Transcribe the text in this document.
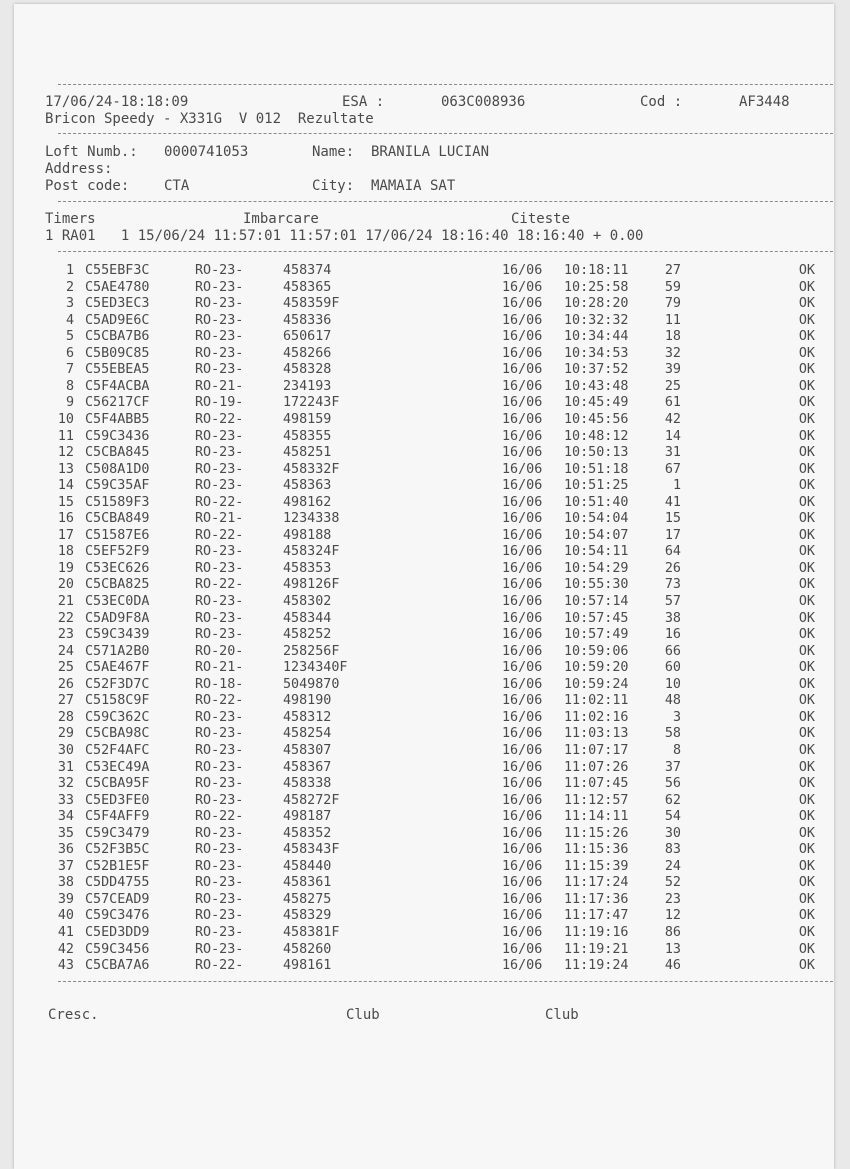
17/06/24-18:18:09	ESA :	063C008936	Cod :	AF3448
Bricon Speedy - X331G  V 012  Rezultate
Loft Numb.: 0000741053	Name: BRANILA LUCIAN
Address:
Post code: CTA	City: MAMAIA SAT
Timers	Imbarcare	Citeste
1 RA01   1 15/06/24 11:57:01 11:57:01 17/06/24 18:16:40 18:16:40 + 0.00
1 C55EBF3C	RO-23-	458374	16/06 10:18:11	27	OK
2 C5AE4780	RO-23-	458365	16/06 10:25:58	59	OK
3 C5ED3EC3	RO-23-	458359F	16/06 10:28:20	79	OK
4 C5AD9E6C	RO-23-	458336	16/06 10:32:32	11	OK
5 C5CBA7B6	RO-23-	650617	16/06 10:34:44	18	OK
6 C5B09C85	RO-23-	458266	16/06 10:34:53	32	OK
7 C55EBEA5	RO-23-	458328	16/06 10:37:52	39	OK
8 C5F4ACBA	RO-21-	234193	16/06 10:43:48	25	OK
9 C56217CF	RO-19-	172243F	16/06 10:45:49	61	OK
10 C5F4ABB5	RO-22-	498159	16/06 10:45:56	42	OK
11 C59C3436	RO-23-	458355	16/06 10:48:12	14	OK
12 C5CBA845	RO-23-	458251	16/06 10:50:13	31	OK
13 C508A1D0	RO-23-	458332F	16/06 10:51:18	67	OK
14 C59C35AF	RO-23-	458363	16/06 10:51:25	1	OK
15 C51589F3	RO-22-	498162	16/06 10:51:40	41	OK
16 C5CBA849	RO-21-	1234338	16/06 10:54:04	15	OK
17 C51587E6	RO-22-	498188	16/06 10:54:07	17	OK
18 C5EF52F9	RO-23-	458324F	16/06 10:54:11	64	OK
19 C53EC626	RO-23-	458353	16/06 10:54:29	26	OK
20 C5CBA825	RO-22-	498126F	16/06 10:55:30	73	OK
21 C53EC0DA	RO-23-	458302	16/06 10:57:14	57	OK
22 C5AD9F8A	RO-23-	458344	16/06 10:57:45	38	OK
23 C59C3439	RO-23-	458252	16/06 10:57:49	16	OK
24 C571A2B0	RO-20-	258256F	16/06 10:59:06	66	OK
25 C5AE467F	RO-21-	1234340F	16/06 10:59:20	60	OK
26 C52F3D7C	RO-18-	5049870	16/06 10:59:24	10	OK
27 C5158C9F	RO-22-	498190	16/06 11:02:11	48	OK
28 C59C362C	RO-23-	458312	16/06 11:02:16	3	OK
29 C5CBA98C	RO-23-	458254	16/06 11:03:13	58	OK
30 C52F4AFC	RO-23-	458307	16/06 11:07:17	8	OK
31 C53EC49A	RO-23-	458367	16/06 11:07:26	37	OK
32 C5CBA95F	RO-23-	458338	16/06 11:07:45	56	OK
33 C5ED3FE0	RO-23-	458272F	16/06 11:12:57	62	OK
34 C5F4AFF9	RO-22-	498187	16/06 11:14:11	54	OK
35 C59C3479	RO-23-	458352	16/06 11:15:26	30	OK
36 C52F3B5C	RO-23-	458343F	16/06 11:15:36	83	OK
37 C52B1E5F	RO-23-	458440	16/06 11:15:39	24	OK
38 C5DD4755	RO-23-	458361	16/06 11:17:24	52	OK
39 C57CEAD9	RO-23-	458275	16/06 11:17:36	23	OK
40 C59C3476	RO-23-	458329	16/06 11:17:47	12	OK
41 C5ED3DD9	RO-23-	458381F	16/06 11:19:16	86	OK
42 C59C3456	RO-23-	458260	16/06 11:19:21	13	OK
43 C5CBA7A6	RO-22-	498161	16/06 11:19:24	46	OK
Cresc.	Club	Club
